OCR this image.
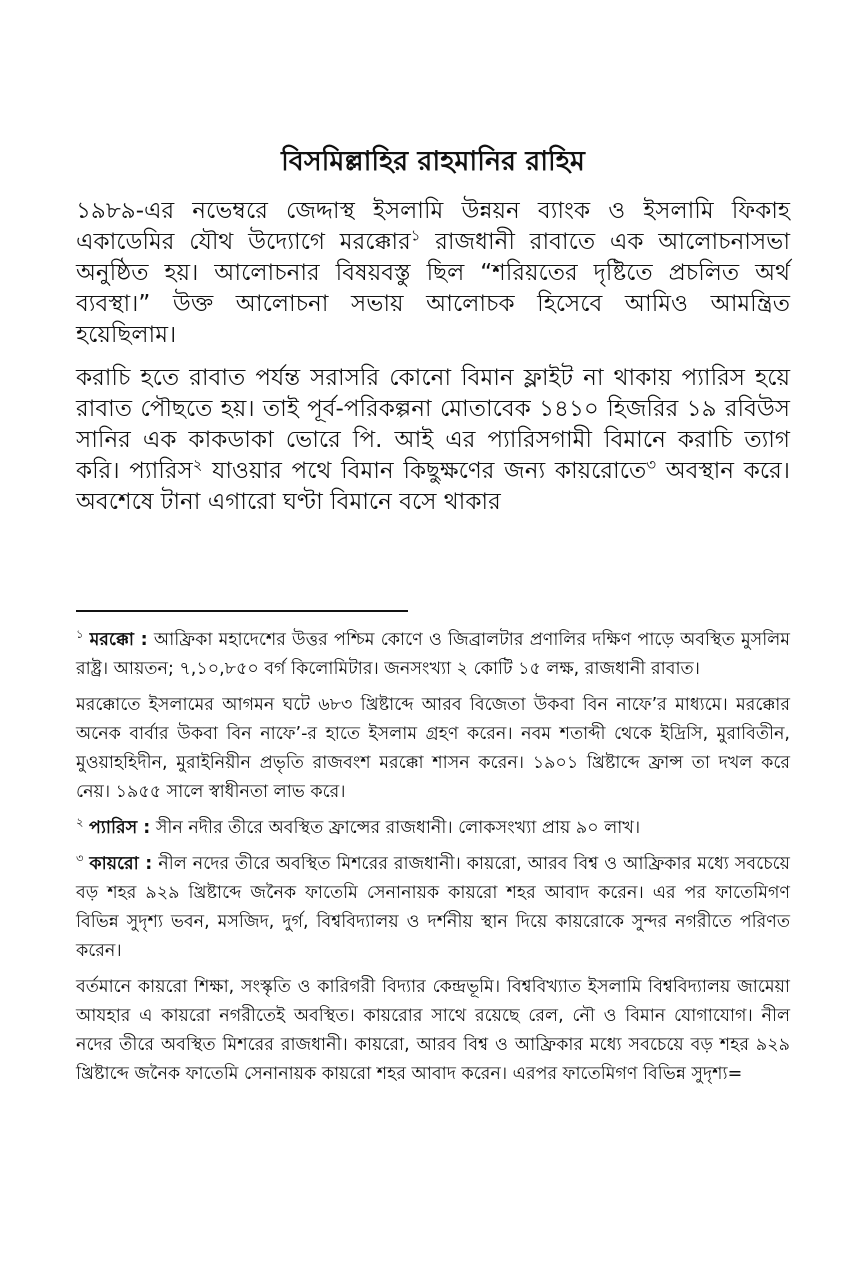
বিসমিল্লাহির রাহমানির রাহিম

১৯৮৯-এর নভেম্বরে জেদ্দাস্থ ইসলামি উন্নয়ন ব্যাংক ও ইসলামি ফিকাহ একাডেমির যৌথ উদ্যোগে মরক্কোর$^১$ রাজধানী রাবাতে এক আলোচনাসভা অনুষ্ঠিত হয়। আলোচনার বিষয়বস্তু ছিল “শরিয়তের দৃষ্টিতে প্রচলিত অর্থ ব্যবস্থা।” উক্ত আলোচনা সভায় আলোচক হিসেবে আমিও আমন্ত্রিত হয়েছিলাম।

করাচি হতে রাবাত পর্যন্ত সরাসরি কোনো বিমান ফ্লাইট না থাকায় প্যারিস হয়ে রাবাত পৌছতে হয়। তাই পূর্ব-পরিকল্পনা মোতাবেক ১৪১০ হিজরির ১৯ রবিউস সানির এক কাকডাকা ভোরে পি. আই এর প্যারিসগামী বিমানে করাচি ত্যাগ করি। প্যারিস$^২$ যাওয়ার পথে বিমান কিছুক্ষণের জন্য কায়রোতে$^৩$ অবস্থান করে। অবশেষে টানা এগারো ঘণ্টা বিমানে বসে থাকার

$^১$ মরক্কো : আফ্রিকা মহাদেশের উত্তর পশ্চিম কোণে ও জিব্রালটার প্রণালির দক্ষিণ পাড়ে অবস্থিত মুসলিম রাষ্ট্র। আয়তন; ৭,১০,৮৫০ বর্গ কিলোমিটার। জনসংখ্যা ২ কোটি ১৫ লক্ষ, রাজধানী রাবাত।

মরক্কোতে ইসলামের আগমন ঘটে ৬৮৩ খ্রিষ্টাব্দে আরব বিজেতা উকবা বিন নাফে’র মাধ্যমে। মরক্কোর অনেক বার্বার উকবা বিন নাফে’-র হাতে ইসলাম গ্রহণ করেন। নবম শতাব্দী থেকে ইদ্রিসি, মুরাবিতীন, মুওয়াহহিদীন, মুরাইনিয়ীন প্রভৃতি রাজবংশ মরক্কো শাসন করেন। ১৯০১ খ্রিষ্টাব্দে ফ্রান্স তা দখল করে নেয়। ১৯৫৫ সালে স্বাধীনতা লাভ করে।

$^২$ প্যারিস : সীন নদীর তীরে অবস্থিত ফ্রান্সের রাজধানী। লোকসংখ্যা প্রায় ৯০ লাখ।

$^৩$ কায়রো : নীল নদের তীরে অবস্থিত মিশরের রাজধানী। কায়রো, আরব বিশ্ব ও আফ্রিকার মধ্যে সবচেয়ে বড় শহর ৯২৯ খ্রিষ্টাব্দে জনৈক ফাতেমি সেনানায়ক কায়রো শহর আবাদ করেন। এর পর ফাতেমিগণ বিভিন্ন সুদৃশ্য ভবন, মসজিদ, দুর্গ, বিশ্ববিদ্যালয় ও দর্শনীয় স্থান দিয়ে কায়রোকে সুন্দর নগরীতে পরিণত করেন।

বর্তমানে কায়রো শিক্ষা, সংস্কৃতি ও কারিগরী বিদ্যার কেন্দ্রভূমি। বিশ্ববিখ্যাত ইসলামি বিশ্ববিদ্যালয় জামেয়া আযহার এ কায়রো নগরীতেই অবস্থিত। কায়রোর সাথে রয়েছে রেল, নৌ ও বিমান যোগাযোগ। নীল নদের তীরে অবস্থিত মিশরের রাজধানী। কায়রো, আরব বিশ্ব ও আফ্রিকার মধ্যে সবচেয়ে বড় শহর ৯২৯ খ্রিষ্টাব্দে জনৈক ফাতেমি সেনানায়ক কায়রো শহর আবাদ করেন। এরপর ফাতেমিগণ বিভিন্ন সুদৃশ্য=
